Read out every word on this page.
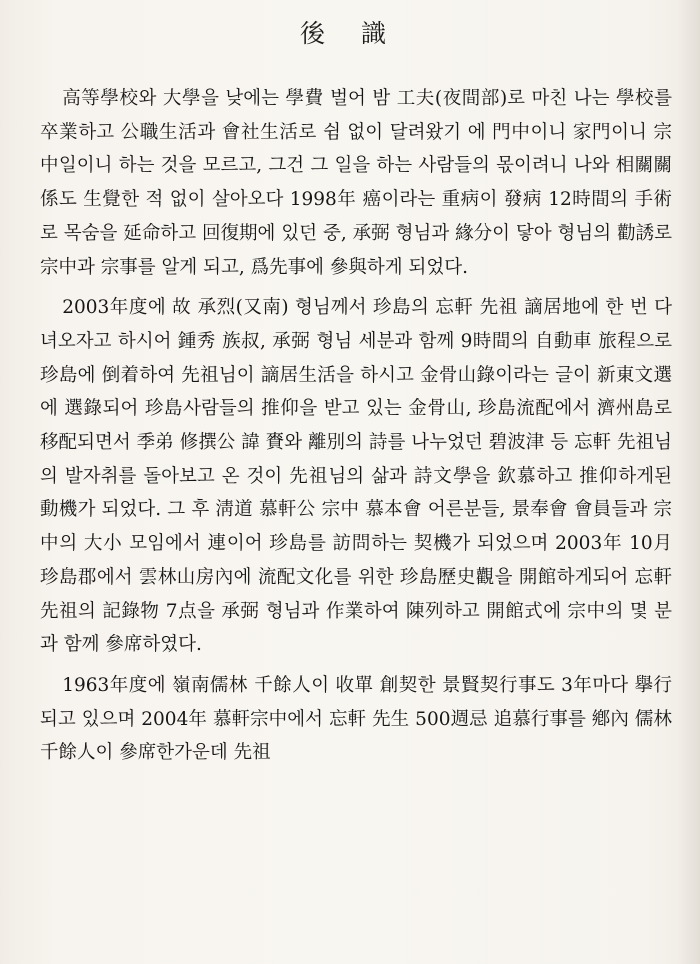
後 識

高等學校와 大學을 낮에는 學費 벌어 밤 工夫(夜間部)로 마친 나는 學校를 卒業하고 公職生活과 會社生活로 쉼 없이 달려왔기 에 門中이니 家門이니 宗中일이니 하는 것을 모르고, 그건 그 일을 하는 사람들의 몫이려니 나와 相關關係도 生覺한 적 없이 살아오다 1998年 癌이라는 重病이 發病 12時間의 手術로 목숨을 延命하고 回復期에 있던 중, 承弼 형님과 緣分이 닿아 형님의 勸誘로 宗中과 宗事를 알게 되고, 爲先事에 參與하게 되었다.

2003年度에 故 承烈(又南) 형님께서 珍島의 忘軒 先祖 謫居地에 한 번 다녀오자고 하시어 鍾秀 族叔, 承弼 형님 세분과 함께 9時間의 自動車 旅程으로 珍島에 倒着하여 先祖님이 謫居生活을 하시고 金骨山錄이라는 글이 新東文選에 選錄되어 珍島사람들의 推仰을 받고 있는 金骨山, 珍島流配에서 濟州島로 移配되면서 季弟 修撰公 諱 賚와 離別의 詩를 나누었던 碧波津 등 忘軒 先祖님의 발자취를 돌아보고 온 것이 先祖님의 삶과 詩文學을 欽慕하고 推仰하게된 動機가 되었다. 그 후 淸道 慕軒公 宗中 慕本會 어른분들, 景奉會 會員들과 宗中의 大小 모임에서 連이어 珍島를 訪問하는 契機가 되었으며 2003年 10月 珍島郡에서 雲林山房內에 流配文化를 위한 珍島歷史觀을 開館하게되어 忘軒 先祖의 記錄物 7点을 承弼 형님과 作業하여 陳列하고 開館式에 宗中의 몇 분과 함께 參席하였다.

1963年度에 嶺南儒林 千餘人이 收單 創契한 景賢契行事도 3年마다 擧行되고 있으며 2004年 慕軒宗中에서 忘軒 先生 500週忌 追慕行事를 鄕內 儒林 千餘人이 參席한가운데 先祖
